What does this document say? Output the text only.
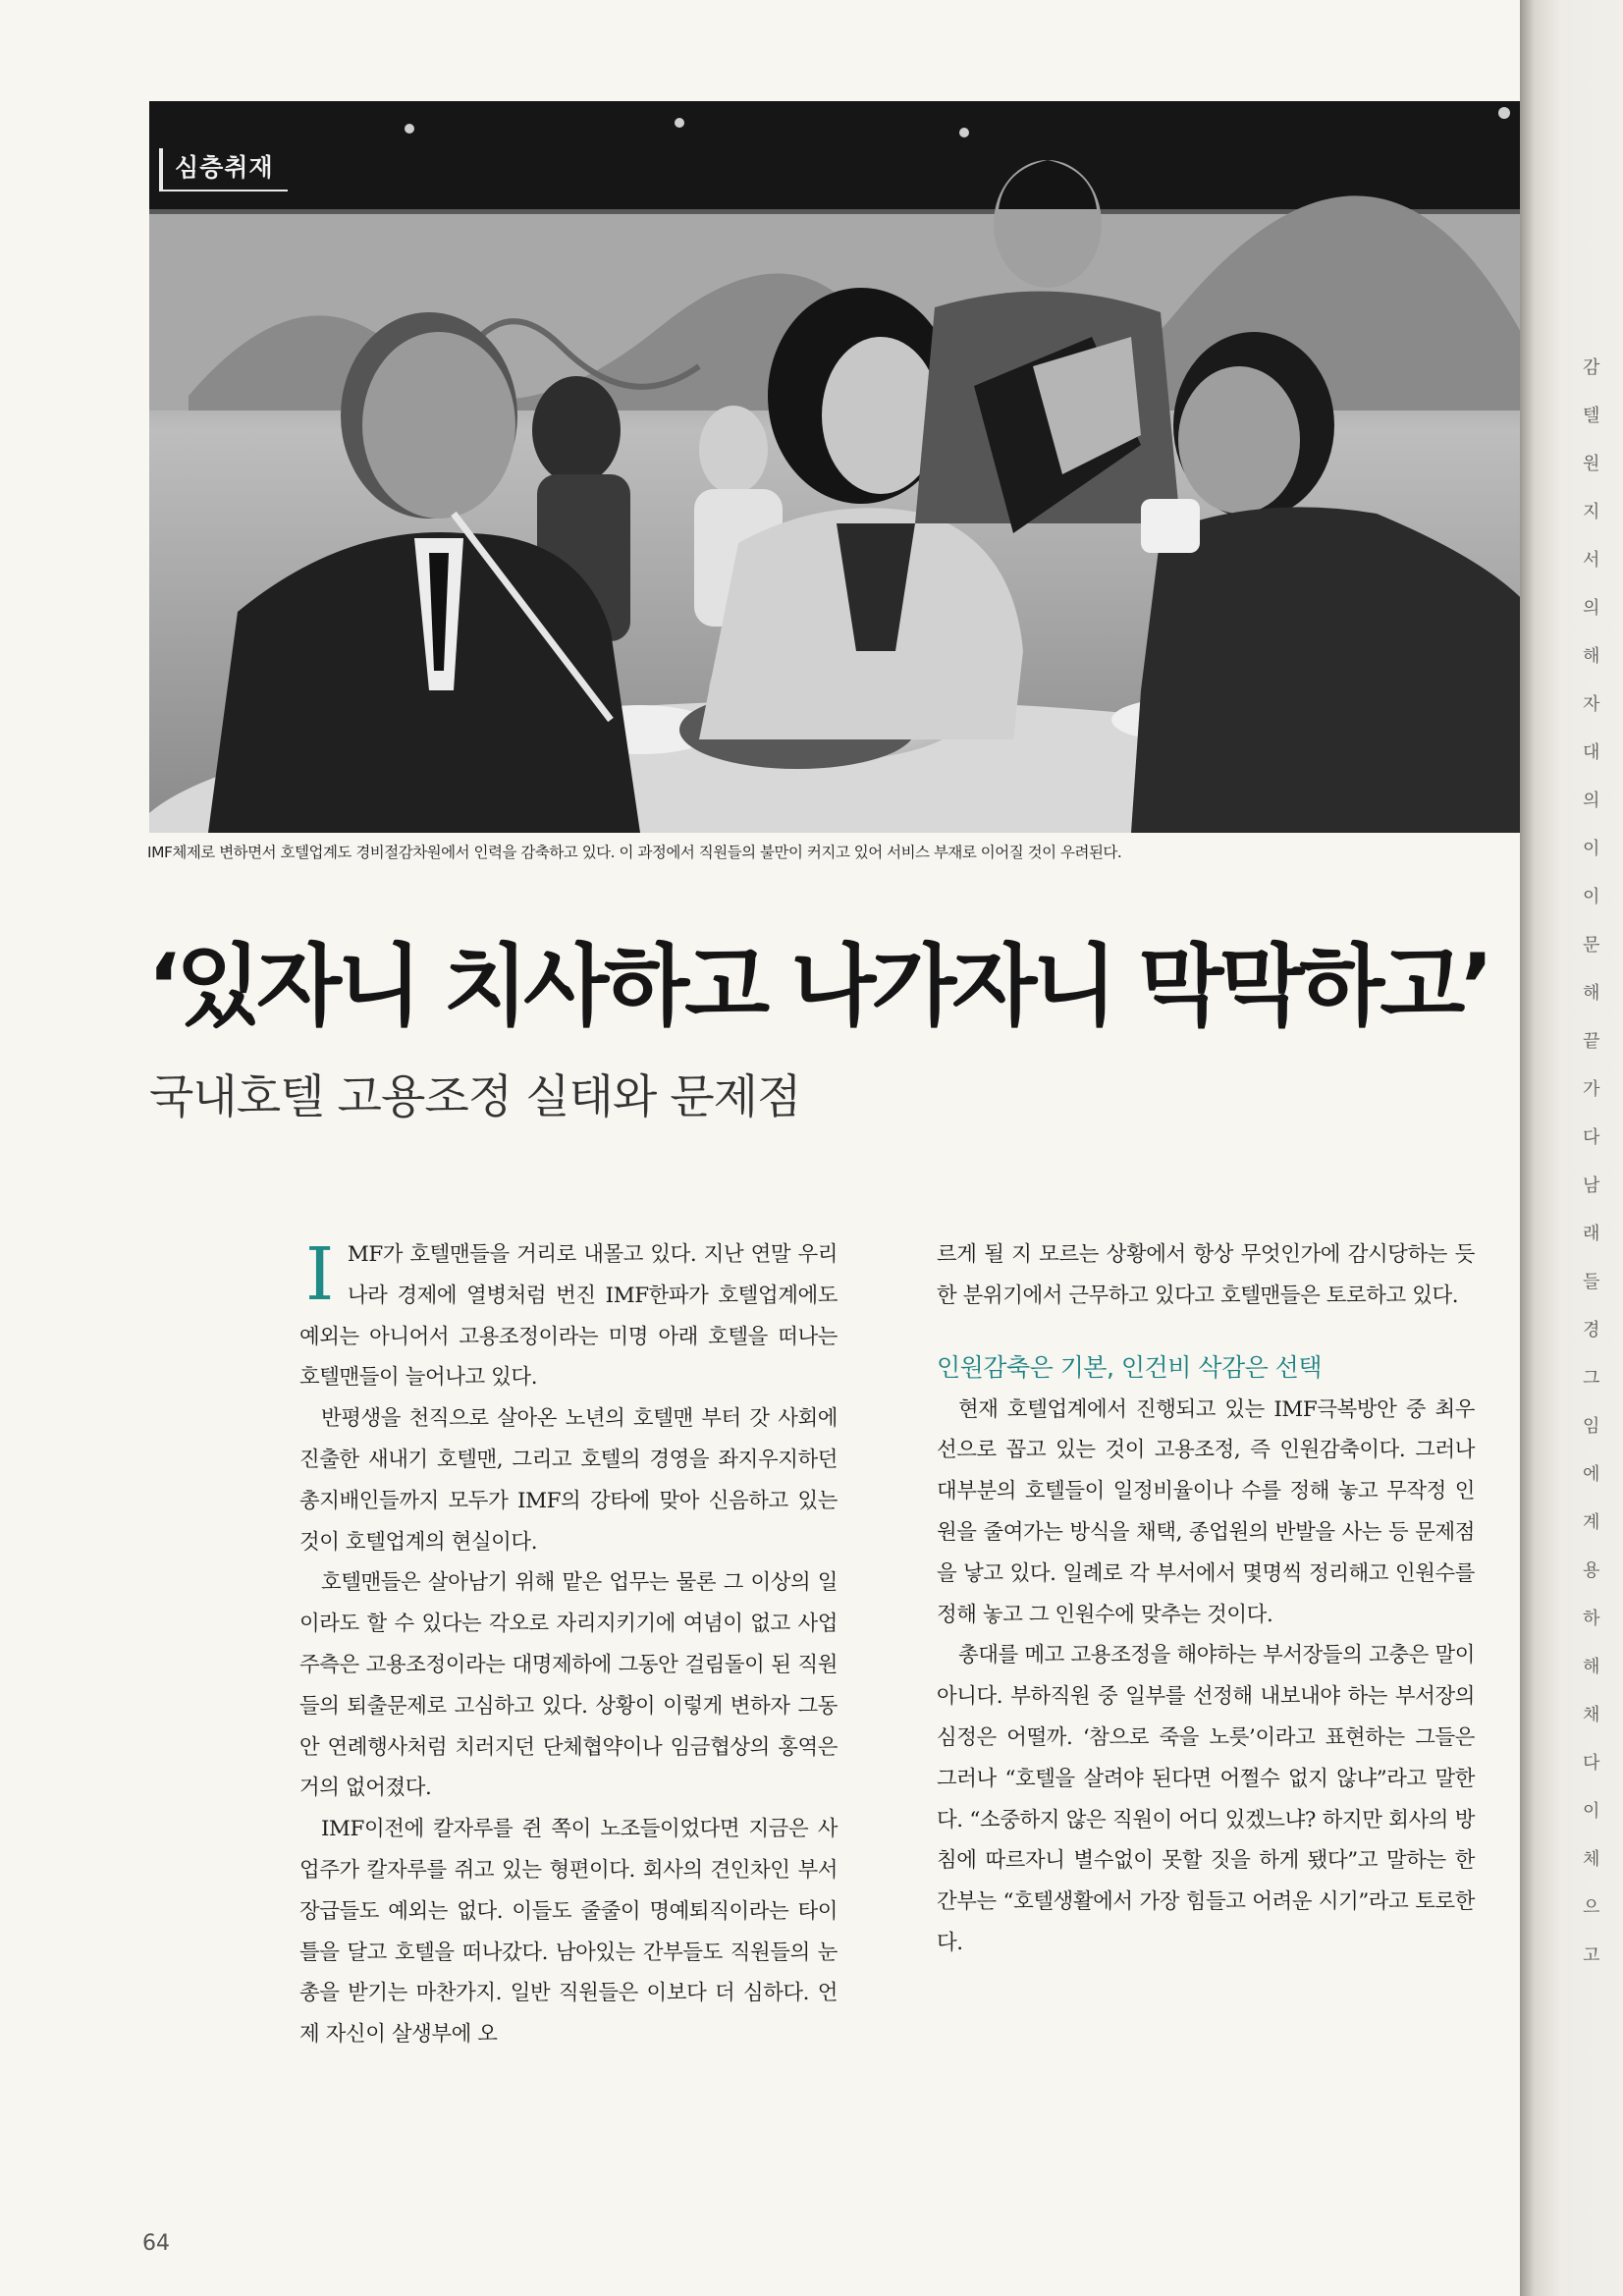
심층취재
IMF체제로 변하면서 호텔업계도 경비절감차원에서 인력을 감축하고 있다. 이 과정에서 직원들의 불만이 커지고 있어 서비스 부재로 이어질 것이 우려된다.
‘있자니 치사하고 나가자니 막막하고’
국내호텔 고용조정 실태와 문제점

IMF가 호텔맨들을 거리로 내몰고 있다. 지난 연말 우리나라 경제에 열병처럼 번진 IMF한파가 호텔업계에도 예외는 아니어서 고용조정이라는 미명 아래 호텔을 떠나는 호텔맨들이 늘어나고 있다.

반평생을 천직으로 살아온 노년의 호텔맨 부터 갓 사회에 진출한 새내기 호텔맨, 그리고 호텔의 경영을 좌지우지하던 총지배인들까지 모두가 IMF의 강타에 맞아 신음하고 있는 것이 호텔업계의 현실이다.

호텔맨들은 살아남기 위해 맡은 업무는 물론 그 이상의 일이라도 할 수 있다는 각오로 자리지키기에 여념이 없고 사업주측은 고용조정이라는 대명제하에 그동안 걸림돌이 된 직원들의 퇴출문제로 고심하고 있다. 상황이 이렇게 변하자 그동안 연례행사처럼 치러지던 단체협약이나 임금협상의 홍역은 거의 없어졌다.

IMF이전에 칼자루를 쥔 쪽이 노조들이었다면 지금은 사업주가 칼자루를 쥐고 있는 형편이다. 회사의 견인차인 부서장급들도 예외는 없다. 이들도 줄줄이 명예퇴직이라는 타이틀을 달고 호텔을 떠나갔다. 남아있는 간부들도 직원들의 눈총을 받기는 마찬가지. 일반 직원들은 이보다 더 심하다. 언제 자신이 살생부에 오

르게 될 지 모르는 상황에서 항상 무엇인가에 감시당하는 듯한 분위기에서 근무하고 있다고 호텔맨들은 토로하고 있다.

인원감축은 기본, 인건비 삭감은 선택

현재 호텔업계에서 진행되고 있는 IMF극복방안 중 최우선으로 꼽고 있는 것이 고용조정, 즉 인원감축이다. 그러나 대부분의 호텔들이 일정비율이나 수를 정해 놓고 무작정 인원을 줄여가는 방식을 채택, 종업원의 반발을 사는 등 문제점을 낳고 있다. 일례로 각 부서에서 몇명씩 정리해고 인원수를 정해 놓고 그 인원수에 맞추는 것이다.

총대를 메고 고용조정을 해야하는 부서장들의 고충은 말이 아니다. 부하직원 중 일부를 선정해 내보내야 하는 부서장의 심정은 어떨까. ‘참으로 죽을 노릇’이라고 표현하는 그들은 그러나 “호텔을 살려야 된다면 어쩔수 없지 않냐”라고 말한다. “소중하지 않은 직원이 어디 있겠느냐? 하지만 회사의 방침에 따르자니 별수없이 못할 짓을 하게 됐다”고 말하는 한 간부는 “호텔생활에서 가장 힘들고 어려운 시기”라고 토로한다.

64
감 텔 원 지 서 의 해 자 대 의 이 이 문 해 끝 가 다 남 래 들 경 그 임 에 계 용 하 해 채 다 이 체 으 고
